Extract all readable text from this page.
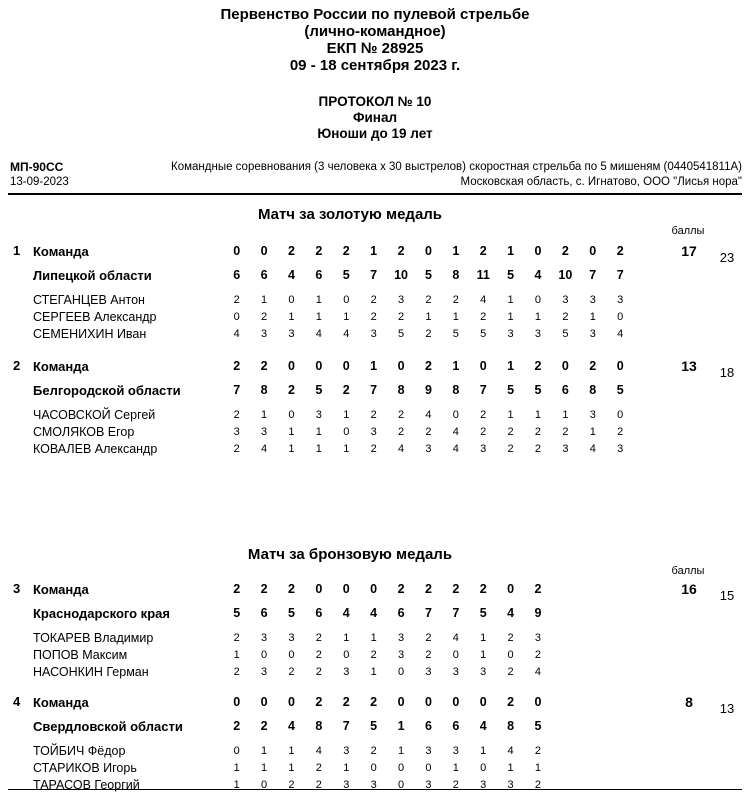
Первенство России по пулевой стрельбе
(лично-командное)
ЕКП № 28925
09 - 18 сентября 2023 г.
ПРОТОКОЛ № 10
Финал
Юноши до 19 лет
МП-90СС
13-09-2023
Командные соревнования (3 человека х 30 выстрелов) скоростная стрельба по 5 мишеням (0440541811А)
Московская область, с. Игнатово, ООО "Лисья нора"
Матч за золотую медаль
баллы
1 Команда	0	0	2	2	2	1	2	0	1	2	1	0	2	0	2	17	23
Липецкой области	6	6	4	6	5	7	10	5	8	11	5	4	10	7	7
СТЕГАНЦЕВ Антон	2	1	0	1	0	2	3	2	2	4	1	0	3	3	3
СЕРГЕЕВ Александр	0	2	1	1	1	2	2	1	1	2	1	1	2	1	0
СЕМЕНИХИН Иван	4	3	3	4	4	3	5	2	5	5	3	3	5	3	4
2 Команда	2	2	0	0	0	1	0	2	1	0	1	2	0	2	0	13	18
Белгородской области	7	8	2	5	2	7	8	9	8	7	5	5	6	8	5
ЧАСОВСКОЙ Сергей	2	1	0	3	1	2	2	4	0	2	1	1	1	3	0
СМОЛЯКОВ Егор	3	3	1	1	0	3	2	2	4	2	2	2	2	1	2
КОВАЛЕВ Александр	2	4	1	1	1	2	4	3	4	3	2	2	3	4	3
Матч за бронзовую медаль
баллы
3 Команда	2	2	2	0	0	0	2	2	2	2	0	2	16	15
Краснодарского края	5	6	5	6	4	4	6	7	7	5	4	9
ТОКАРЕВ Владимир	2	3	3	2	1	1	3	2	4	1	2	3
ПОПОВ Максим	1	0	0	2	0	2	3	2	0	1	0	2
НАСОНКИН Герман	2	3	2	2	3	1	0	3	3	3	2	4
4 Команда	0	0	0	2	2	2	0	0	0	0	2	0	8	13
Свердловской области	2	2	4	8	7	5	1	6	6	4	8	5
ТОЙБИЧ Фёдор	0	1	1	4	3	2	1	3	3	1	4	2
СТАРИКОВ Игорь	1	1	1	2	1	0	0	0	1	0	1	1
ТАРАСОВ Георгий	1	0	2	2	3	3	0	3	2	3	3	2
